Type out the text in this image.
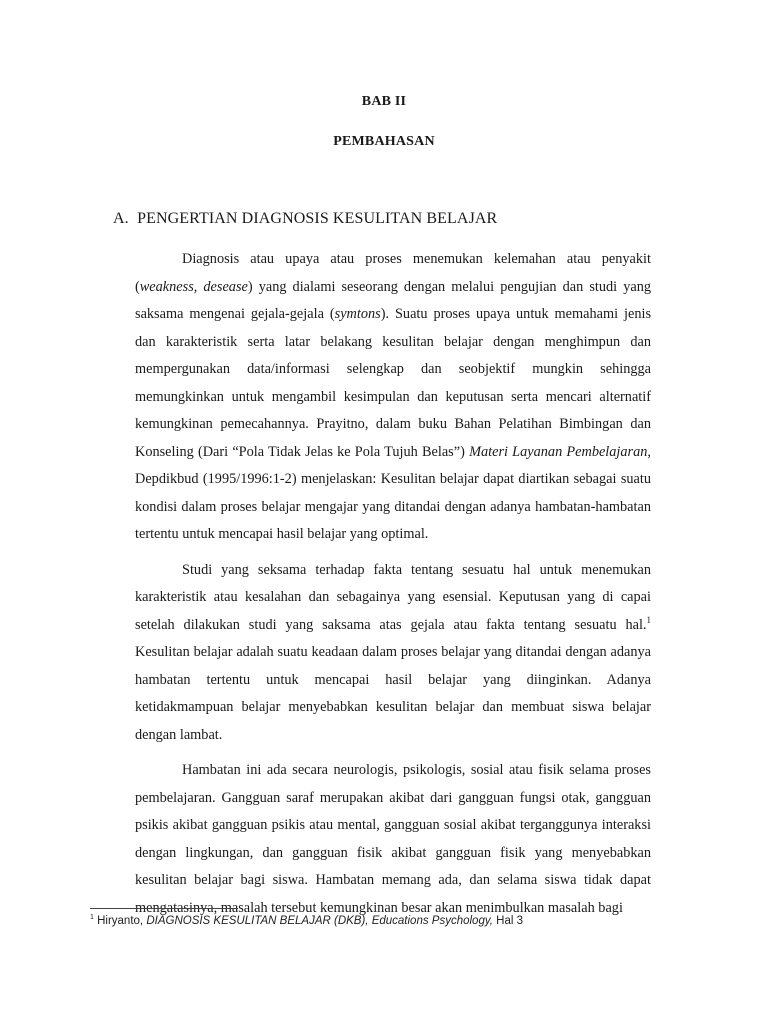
BAB II
PEMBAHASAN
A. PENGERTIAN DIAGNOSIS KESULITAN BELAJAR

Diagnosis atau upaya atau proses menemukan kelemahan atau penyakit (weakness, desease) yang dialami seseorang dengan melalui pengujian dan studi yang saksama mengenai gejala-gejala (symtons). Suatu proses upaya untuk memahami jenis dan karakteristik serta latar belakang kesulitan belajar dengan menghimpun dan mempergunakan data/informasi selengkap dan seobjektif mungkin sehingga memungkinkan untuk mengambil kesimpulan dan keputusan serta mencari alternatif kemungkinan pemecahannya. Prayitno, dalam buku Bahan Pelatihan Bimbingan dan Konseling (Dari “Pola Tidak Jelas ke Pola Tujuh Belas”) Materi Layanan Pembelajaran, Depdikbud (1995/1996:1-2) menjelaskan: Kesulitan belajar dapat diartikan sebagai suatu kondisi dalam proses belajar mengajar yang ditandai dengan adanya hambatan-hambatan tertentu untuk mencapai hasil belajar yang optimal.

Studi yang seksama terhadap fakta tentang sesuatu hal untuk menemukan karakteristik atau kesalahan dan sebagainya yang esensial. Keputusan yang di capai setelah dilakukan studi yang saksama atas gejala atau fakta tentang sesuatu hal.$^1$ Kesulitan belajar adalah suatu keadaan dalam proses belajar yang ditandai dengan adanya hambatan tertentu untuk mencapai hasil belajar yang diinginkan. Adanya ketidakmampuan belajar menyebabkan kesulitan belajar dan membuat siswa belajar dengan lambat.

Hambatan ini ada secara neurologis, psikologis, sosial atau fisik selama proses pembelajaran. Gangguan saraf merupakan akibat dari gangguan fungsi otak, gangguan psikis akibat gangguan psikis atau mental, gangguan sosial akibat terganggunya interaksi dengan lingkungan, dan gangguan fisik akibat gangguan fisik yang menyebabkan kesulitan belajar bagi siswa. Hambatan memang ada, dan selama siswa tidak dapat mengatasinya, masalah tersebut kemungkinan besar akan menimbulkan masalah bagi

$^1$ Hiryanto, DIAGNOSIS KESULITAN BELAJAR (DKB), Educations Psychology, Hal 3
